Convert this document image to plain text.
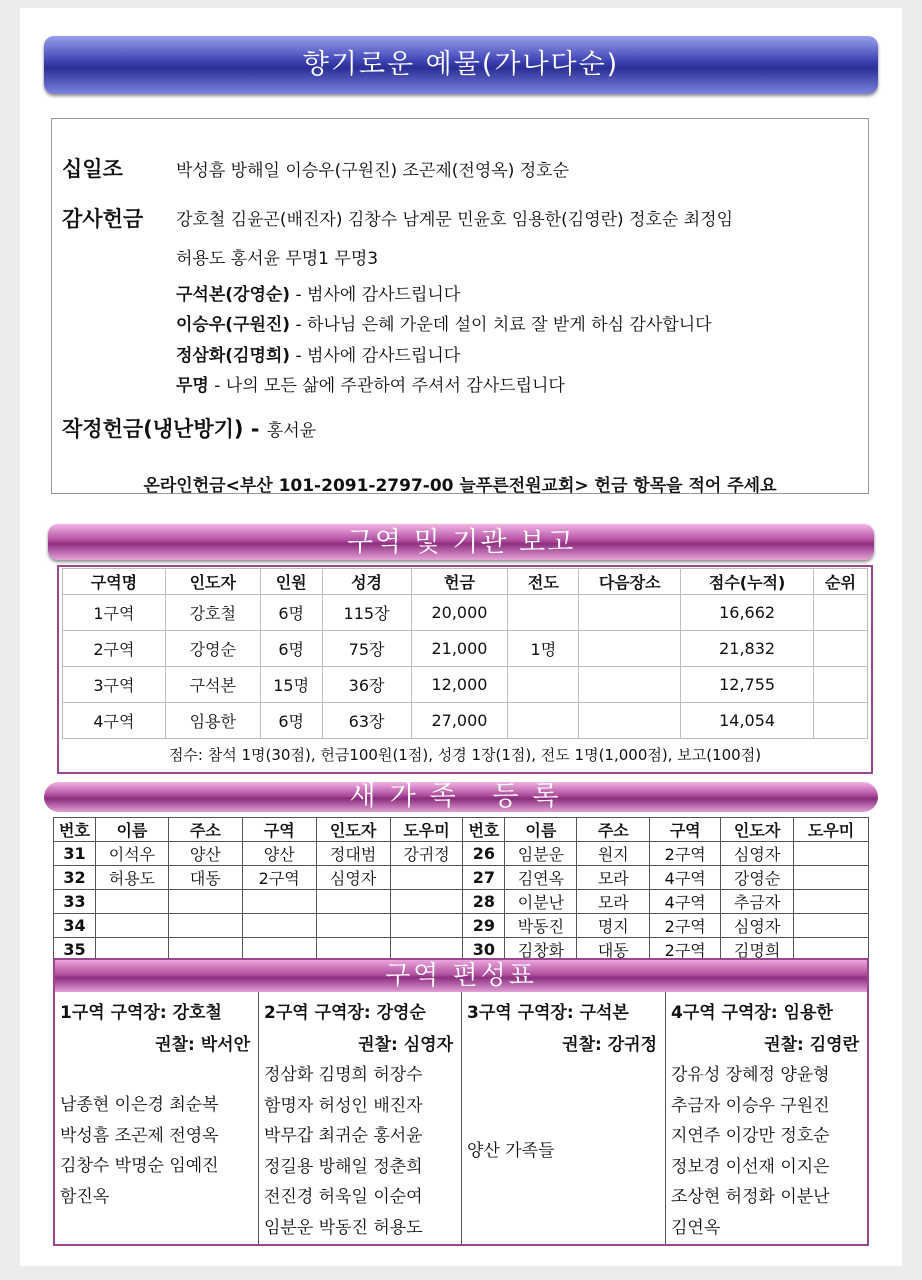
향기로운 예물(가나다순)
십일조	박성흠 방해일 이승우(구원진) 조곤제(전영옥) 정호순
감사헌금 강호철 김윤곤(배진자) 김창수 남계문 민윤호 임용한(김영란) 정호순 최정임
허용도 홍서윤 무명1 무명3
구석본(강영순) - 범사에 감사드립니다
이승우(구원진) - 하나님 은혜 가운데 설이 치료 잘 받게 하심 감사합니다
정삼화(김명희) - 범사에 감사드립니다
무명 - 나의 모든 삶에 주관하여 주셔서 감사드립니다
작정헌금(냉난방기) - 홍서윤
온라인헌금<부산 101-2091-2797-00 늘푸른전원교회> 헌금 항목을 적어 주세요
구역 및 기관 보고
구역명	인도자	인원	성경	헌금	전도	다음장소	점수(누적)	순위
1구역	강호철	6명	115장	20,000			16,662	
2구역	강영순	6명	75장	21,000	1명		21,832	
3구역	구석본	15명	36장	12,000			12,755	
4구역	임용한	6명	63장	27,000			14,054	
점수: 참석 1명(30점), 헌금100원(1점), 성경 1장(1점), 전도 1명(1,000점), 보고(100점)
새가족 등록
번호	이름	주소	구역	인도자	도우미	번호	이름	주소	구역	인도자	도우미
31	이석우	양산	양산	정대범	강귀정	26	임분운	원지	2구역	심영자	
32	허용도	대동	2구역	심영자		27	김연옥	모라	4구역	강영순	
33						28	이분난	모라	4구역	추금자	
34						29	박동진	명지	2구역	심영자	
35						30	김창화	대동	2구역	김명희	
구역 편성표
1구역 구역장: 강호철
권찰: 박서안
남종현 이은경 최순복
박성흠 조곤제 전영옥
김창수 박명순 임예진
함진옥
2구역 구역장: 강영순
권찰: 심영자
정삼화 김명희 허장수
함명자 허성인 배진자
박무갑 최귀순 홍서윤
정길용 방해일 정춘희
전진경 허욱일 이순여
임분운 박동진 허용도
3구역 구역장: 구석본
권찰: 강귀정
양산 가족들
4구역 구역장: 임용한
권찰: 김영란
강유성 장혜정 양윤형
추금자 이승우 구원진
지연주 이강만 정호순
정보경 이선재 이지은
조상현 허정화 이분난
김연옥
